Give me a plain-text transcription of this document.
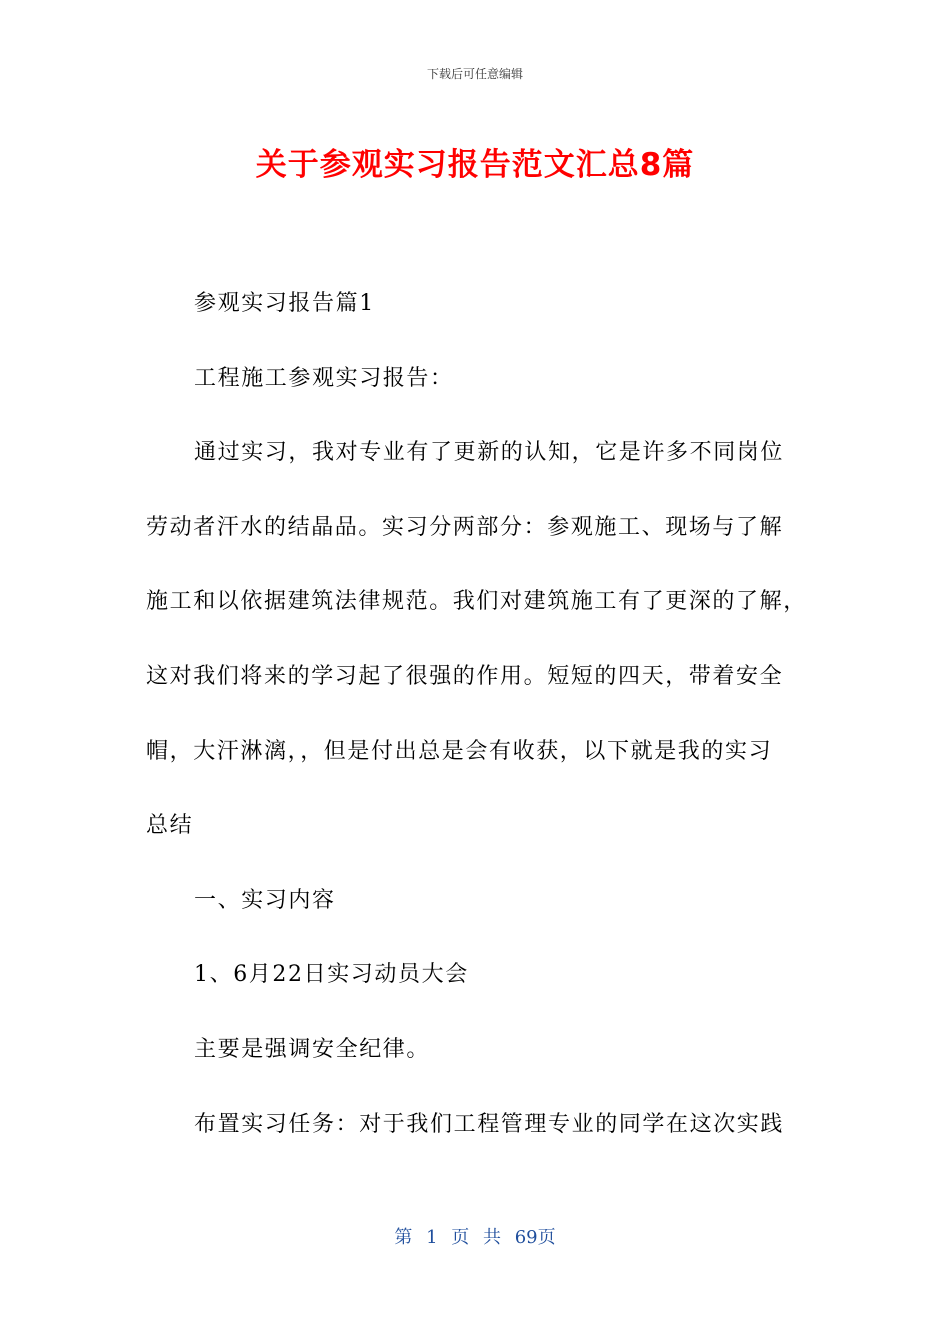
下载后可任意编辑
关于参观实习报告范文汇总8篇

参观实习报告篇1

工程施工参观实习报告：

通过实习，我对专业有了更新的认知，它是许多不同岗位

劳动者汗水的结晶品。实习分两部分：参观施工、现场与了解

施工和以依据建筑法律规范。我们对建筑施工有了更深的了解，

这对我们将来的学习起了很强的作用。短短的四天，带着安全

帽，大汗淋漓，，但是付出总是会有收获，以下就是我的实习

总结

一、实习内容

1、6月22日实习动员大会

主要是强调安全纪律。

布置实习任务：对于我们工程管理专业的同学在这次实践

第 1 页 共 69页
